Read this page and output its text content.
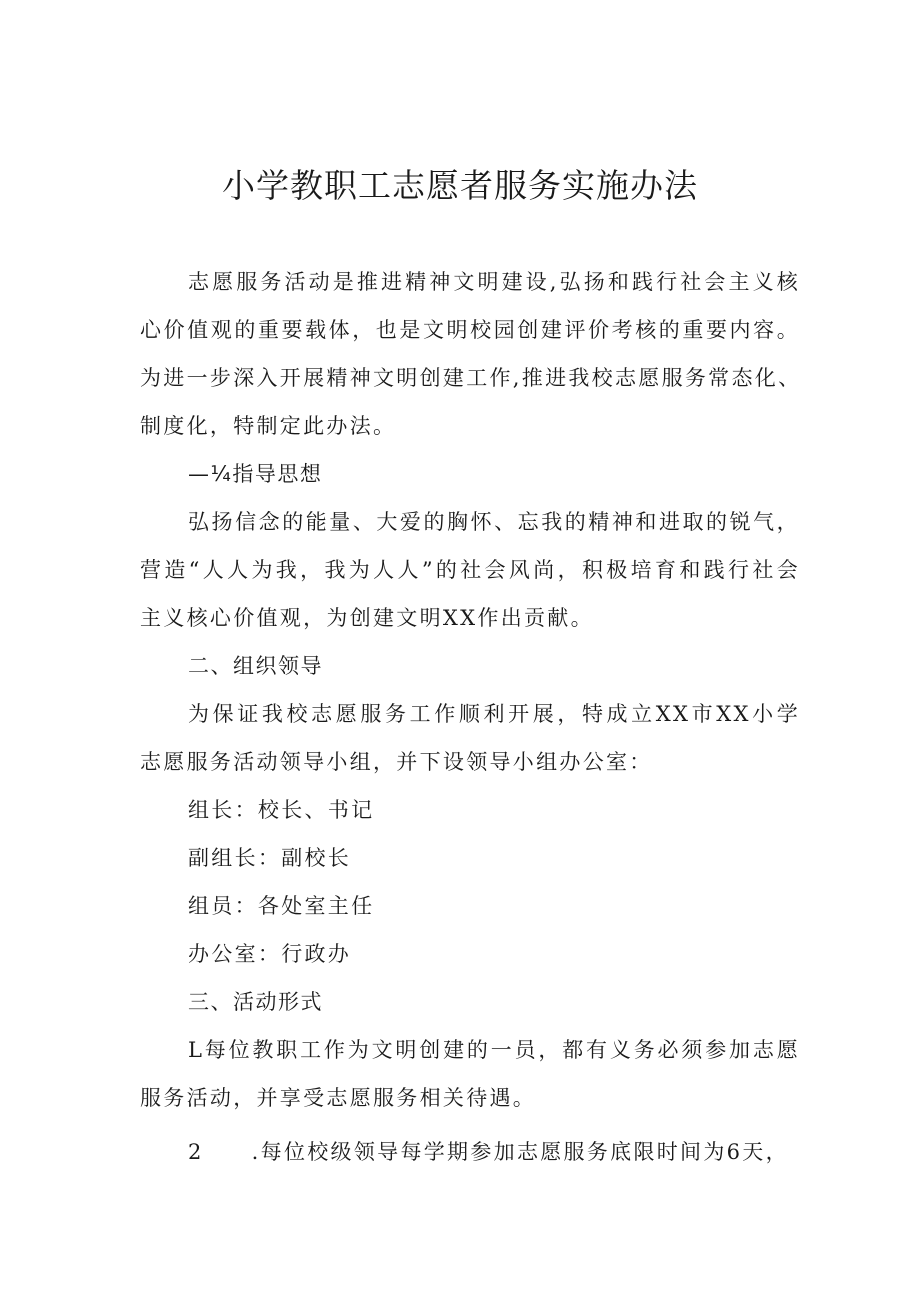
小学教职工志愿者服务实施办法

志愿服务活动是推进精神文明建设,弘扬和践行社会主义核

心价值观的重要载体，也是文明校园创建评价考核的重要内容。

为进一步深入开展精神文明创建工作,推进我校志愿服务常态化、

制度化，特制定此办法。

—¼指导思想

弘扬信念的能量、大爱的胸怀、忘我的精神和进取的锐气，

营造“人人为我，我为人人”的社会风尚，积极培育和践行社会

主义核心价值观，为创建文明XX作出贡献。

二、组织领导

为保证我校志愿服务工作顺利开展，特成立XX市XX小学

志愿服务活动领导小组，并下设领导小组办公室：

组长：校长、书记

副组长：副校长

组员：各处室主任

办公室：行政办

三、活动形式

L每位教职工作为文明创建的一员，都有义务必须参加志愿

服务活动，并享受志愿服务相关待遇。

2 .每位校级领导每学期参加志愿服务底限时间为6天，
